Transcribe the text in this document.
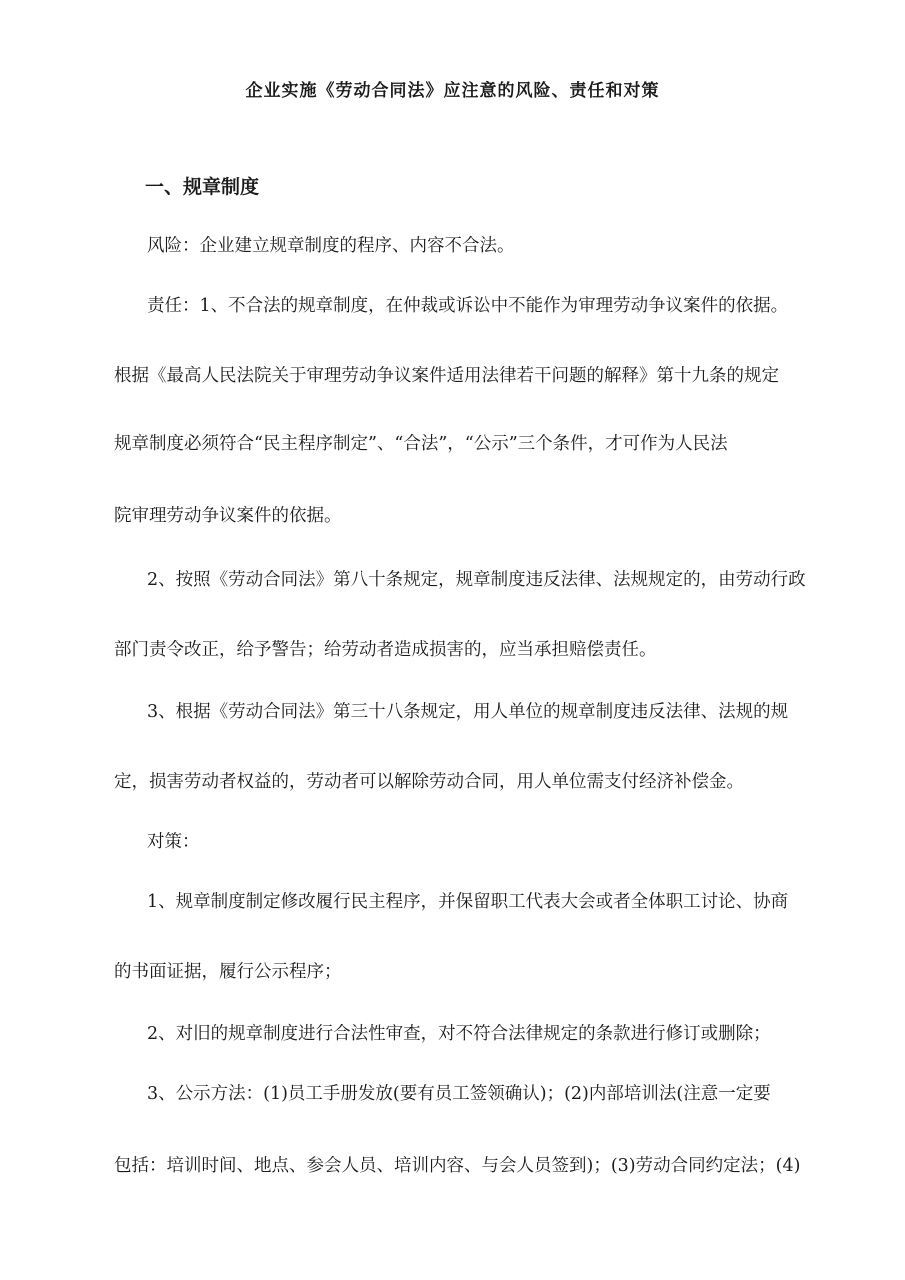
企业实施《劳动合同法》应注意的风险、责任和对策
一、规章制度
风险：企业建立规章制度的程序、内容不合法。
责任：1、不合法的规章制度，在仲裁或诉讼中不能作为审理劳动争议案件的依据。
根据《最高人民法院关于审理劳动争议案件适用法律若干问题的解释》第十九条的规定
规章制度必须符合“民主程序制定”、“合法”，“公示”三个条件，才可作为人民法
院审理劳动争议案件的依据。
2、按照《劳动合同法》第八十条规定，规章制度违反法律、法规规定的，由劳动行政
部门责令改正，给予警告；给劳动者造成损害的，应当承担赔偿责任。
3、根据《劳动合同法》第三十八条规定，用人单位的规章制度违反法律、法规的规
定，损害劳动者权益的，劳动者可以解除劳动合同，用人单位需支付经济补偿金。
对策：
1、规章制度制定修改履行民主程序，并保留职工代表大会或者全体职工讨论、协商
的书面证据，履行公示程序；
2、对旧的规章制度进行合法性审查，对不符合法律规定的条款进行修订或删除；
3、公示方法：(1)员工手册发放(要有员工签领确认)；(2)内部培训法(注意一定要
包括：培训时间、地点、参会人员、培训内容、与会人员签到)；(3)劳动合同约定法；(4)
